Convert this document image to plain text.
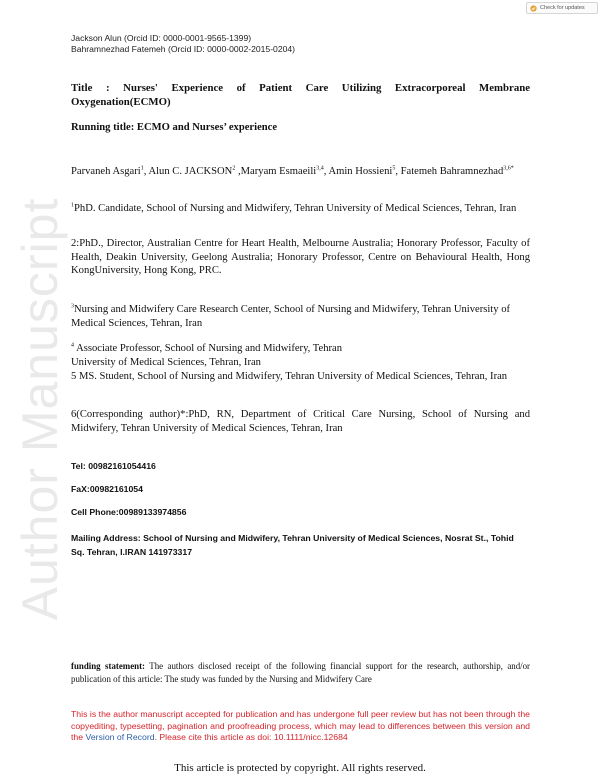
Author Manuscript
Check for updates
Jackson Alun (Orcid ID: 0000-0001-9565-1399)
Bahramnezhad Fatemeh (Orcid ID: 0000-0002-2015-0204)
Title : Nurses' Experience of Patient Care Utilizing Extracorporeal Membrane Oxygenation(ECMO)
Running title: ECMO and Nurses’ experience
Parvaneh Asgari$^1$, Alun C. JACKSON$^2$ ,Maryam Esmaeili$^{3,4}$, Amin Hossieni$^5$, Fatemeh Bahramnezhad$^{3,6*}$
$^1$PhD. Candidate, School of Nursing and Midwifery, Tehran University of Medical Sciences, Tehran, Iran
2:PhD., Director, Australian Centre for Heart Health, Melbourne Australia; Honorary Professor, Faculty of Health, Deakin University, Geelong Australia; Honorary Professor, Centre on Behavioural Health, Hong KongUniversity, Hong Kong, PRC.
$^3$Nursing and Midwifery Care Research Center, School of Nursing and Midwifery, Tehran University of Medical Sciences, Tehran, Iran
$^4$ Associate Professor, School of Nursing and Midwifery, Tehran
University of Medical Sciences, Tehran, Iran
5 MS. Student, School of Nursing and Midwifery, Tehran University of Medical Sciences, Tehran, Iran
6(Corresponding author)*:PhD, RN, Department of Critical Care Nursing, School of Nursing and Midwifery, Tehran University of Medical Sciences, Tehran, Iran
Tel: 00982161054416
FaX:00982161054
Cell Phone:00989133974856
Mailing Address: School of Nursing and Midwifery, Tehran University of Medical Sciences, Nosrat St., Tohid Sq. Tehran, I.IRAN 141973317
funding statement: The authors disclosed receipt of the following financial support for the research, authorship, and/or publication of this article: The study was funded by the Nursing and Midwifery Care
This is the author manuscript accepted for publication and has undergone full peer review but has not been through the copyediting, typesetting, pagination and proofreading process, which may lead to differences between this version and the Version of Record. Please cite this article as doi: 10.1111/nicc.12684
This article is protected by copyright. All rights reserved.
